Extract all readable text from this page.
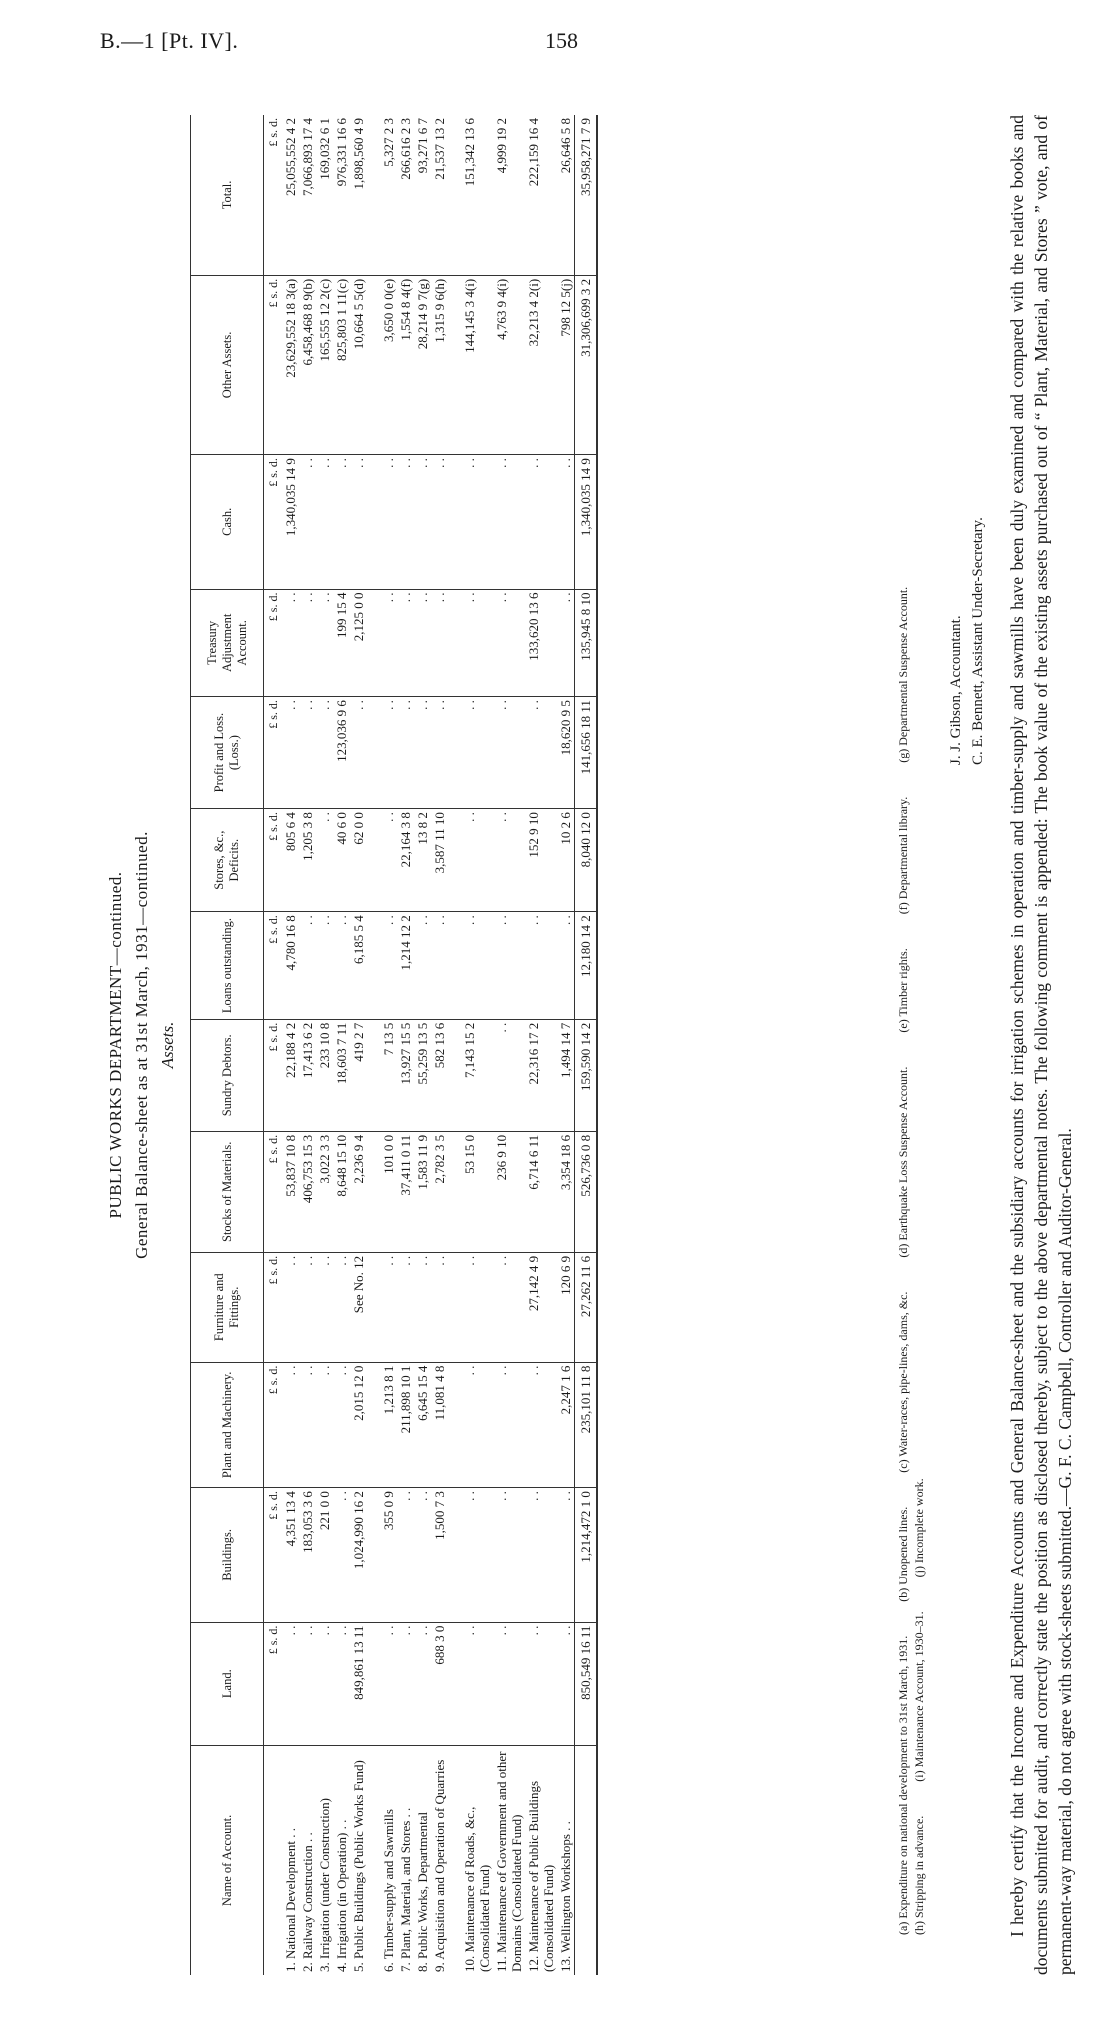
B.—1 [Pt. IV].	158
PUBLIC WORKS DEPARTMENT—continued. General Balance-sheet as at 31st March, 1931—continued. Assets.
Name of Account.	Land.	Buildings.	Plant and Machinery.	Furniture and Fittings.	Stocks of Materials.	Sundry Debtors.	Loans outstanding.	Stores, &c., Deficits.	Profit and Loss. (Loss.)	Treasury Adjustment Account.	Cash.	Other Assets.	Total.
	£ s. d.	£ s. d.	£ s. d.	£ s. d.	£ s. d.	£ s. d.	£ s. d.	£ s. d.	£ s. d.	£ s. d.	£ s. d.	£ s. d.	£ s. d.
1. National Development . .	. .	4,351 13 4	. .	. .	53,837 10 8	22,188 4 2	4,780 16 8	805 6 4	. .	. .	1,340,035 14 9	23,629,552 18 3(a)	25,055,552 4 2
2. Railway Construction . .	. .	183,053 3 6	. .	. .	406,753 15 3	17,413 6 2	. .	1,205 3 8	. .	. .	. .	6,458,468 8 9(b)	7,066,893 17 4
3. Irrigation (under Construction)	. .	221 0 0	. .	. .	3,022 3 3	233 10 8	. .	. .	. .	. .	. .	165,555 12 2(c)	169,032 6 1
4. Irrigation (in Operation) . .	. .	. .	. .	. .	8,648 15 10	18,603 7 11	. .	40 6 0	123,036 9 6	199 15 4	. .	825,803 1 11(c)	976,331 16 6
5. Public Buildings (Public Works Fund)	849,861 13 11	1,024,990 16 2	2,015 12 0	See No. 12	2,236 9 4	419 2 7	6,185 5 4	62 0 0	. .	2,125 0 0	. .	10,664 5 5(d)	1,898,560 4 9
6. Timber-supply and Sawmills	. .	355 0 9	1,213 8 1	. .	101 0 0	7 13 5	. .	. .	. .	. .	. .	3,650 0 0(e)	5,327 2 3
7. Plant, Material, and Stores . .	. .	. .	211,898 10 1	. .	37,411 0 11	13,927 15 5	1,214 12 2	22,164 3 8	. .	. .	. .	1,554 8 4(f)	266,616 2 3
8. Public Works, Departmental	. .	. .	6,645 15 4	. .	1,583 11 9	55,259 13 5	. .	13 8 2	. .	. .	. .	28,214 9 7(g)	93,271 6 7
9. Acquisition and Operation of Quarries	688 3 0	1,500 7 3	11,081 4 8	. .	2,782 3 5	582 13 6	. .	3,587 11 10	. .	. .	. .	1,315 9 6(h)	21,537 13 2
10. Maintenance of Roads, &c., (Consolidated Fund)	. .	. .	. .	. .	53 15 0	7,143 15 2	. .	. .	. .	. .	. .	144,145 3 4(i)	151,342 13 6
11. Maintenance of Government and other Domains (Consolidated Fund)	. .	. .	. .	. .	236 9 10	. .	. .	. .	. .	. .	. .	4,763 9 4(i)	4,999 19 2
12. Maintenance of Public Buildings (Consolidated Fund)	. .	. .	. .	27,142 4 9	6,714 6 11	22,316 17 2	. .	152 9 10	. .	133,620 13 6	. .	32,213 4 2(i)	222,159 16 4
13. Wellington Workshops . .	. .	. .	2,247 1 6	120 6 9	3,354 18 6	1,494 14 7	. .	10 2 6	18,620 9 5	. .	. .	798 12 5(j)	26,646 5 8
	850,549 16 11	1,214,472 1 0	235,101 11 8	27,262 11 6	526,736 0 8	159,590 14 2	12,180 14 2	8,040 12 0	141,656 18 11	135,945 8 10	1,340,035 14 9	31,306,699 3 2	35,958,271 7 9
(a) Expenditure on national development to 31st March, 1931.
(b) Unopened lines.
(c) Water-races, pipe-lines, dams, &c.
(d) Earthquake Loss Suspense Account.
(e) Timber rights.
(f) Departmental library.
(g) Departmental Suspense Account.
(h) Stripping in advance.
(i) Maintenance Account, 1930–31.
(j) Incomplete work.
J. J. Gibson, Accountant. C. E. Bennett, Assistant Under-Secretary. I hereby certify that the Income and Expenditure Accounts and General Balance-sheet and the subsidiary accounts for irrigation schemes in operation and timber-supply and sawmills have been duly examined and compared with the relative books and documents submitted for audit, and correctly state the position as disclosed thereby, subject to the above departmental notes. The following comment is appended: The book value of the existing assets purchased out of “ Plant, Material, and Stores ” vote, and of permanent-way material, do not agree with stock-sheets submitted.—G. F. C. Campbell, Controller and Auditor-General.
